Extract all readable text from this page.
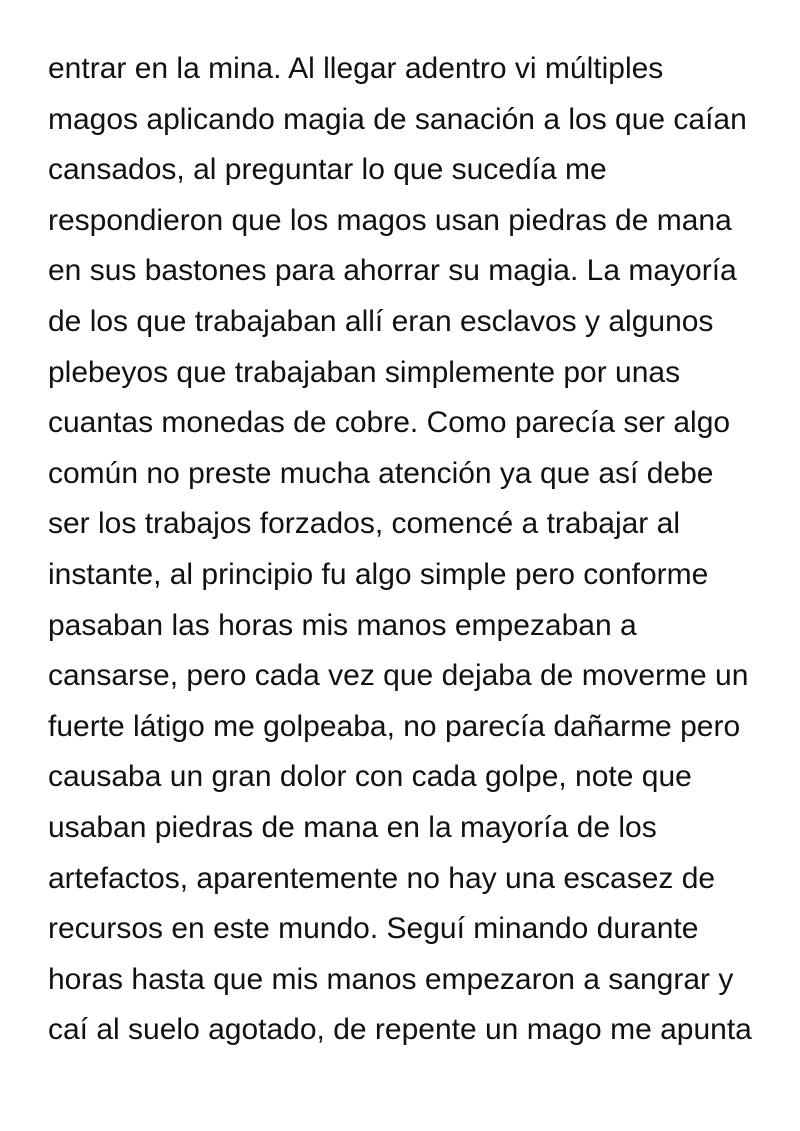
entrar en la mina. Al llegar adentro vi múltiples
magos aplicando magia de sanación a los que caían
cansados, al preguntar lo que sucedía me
respondieron que los magos usan piedras de mana
en sus bastones para ahorrar su magia. La mayoría
de los que trabajaban allí eran esclavos y algunos
plebeyos que trabajaban simplemente por unas
cuantas monedas de cobre. Como parecía ser algo
común no preste mucha atención ya que así debe
ser los trabajos forzados, comencé a trabajar al
instante, al principio fu algo simple pero conforme
pasaban las horas mis manos empezaban a
cansarse, pero cada vez que dejaba de moverme un
fuerte látigo me golpeaba, no parecía dañarme pero
causaba un gran dolor con cada golpe, note que
usaban piedras de mana en la mayoría de los
artefactos, aparentemente no hay una escasez de
recursos en este mundo. Seguí minando durante
horas hasta que mis manos empezaron a sangrar y
caí al suelo agotado, de repente un mago me apunta
